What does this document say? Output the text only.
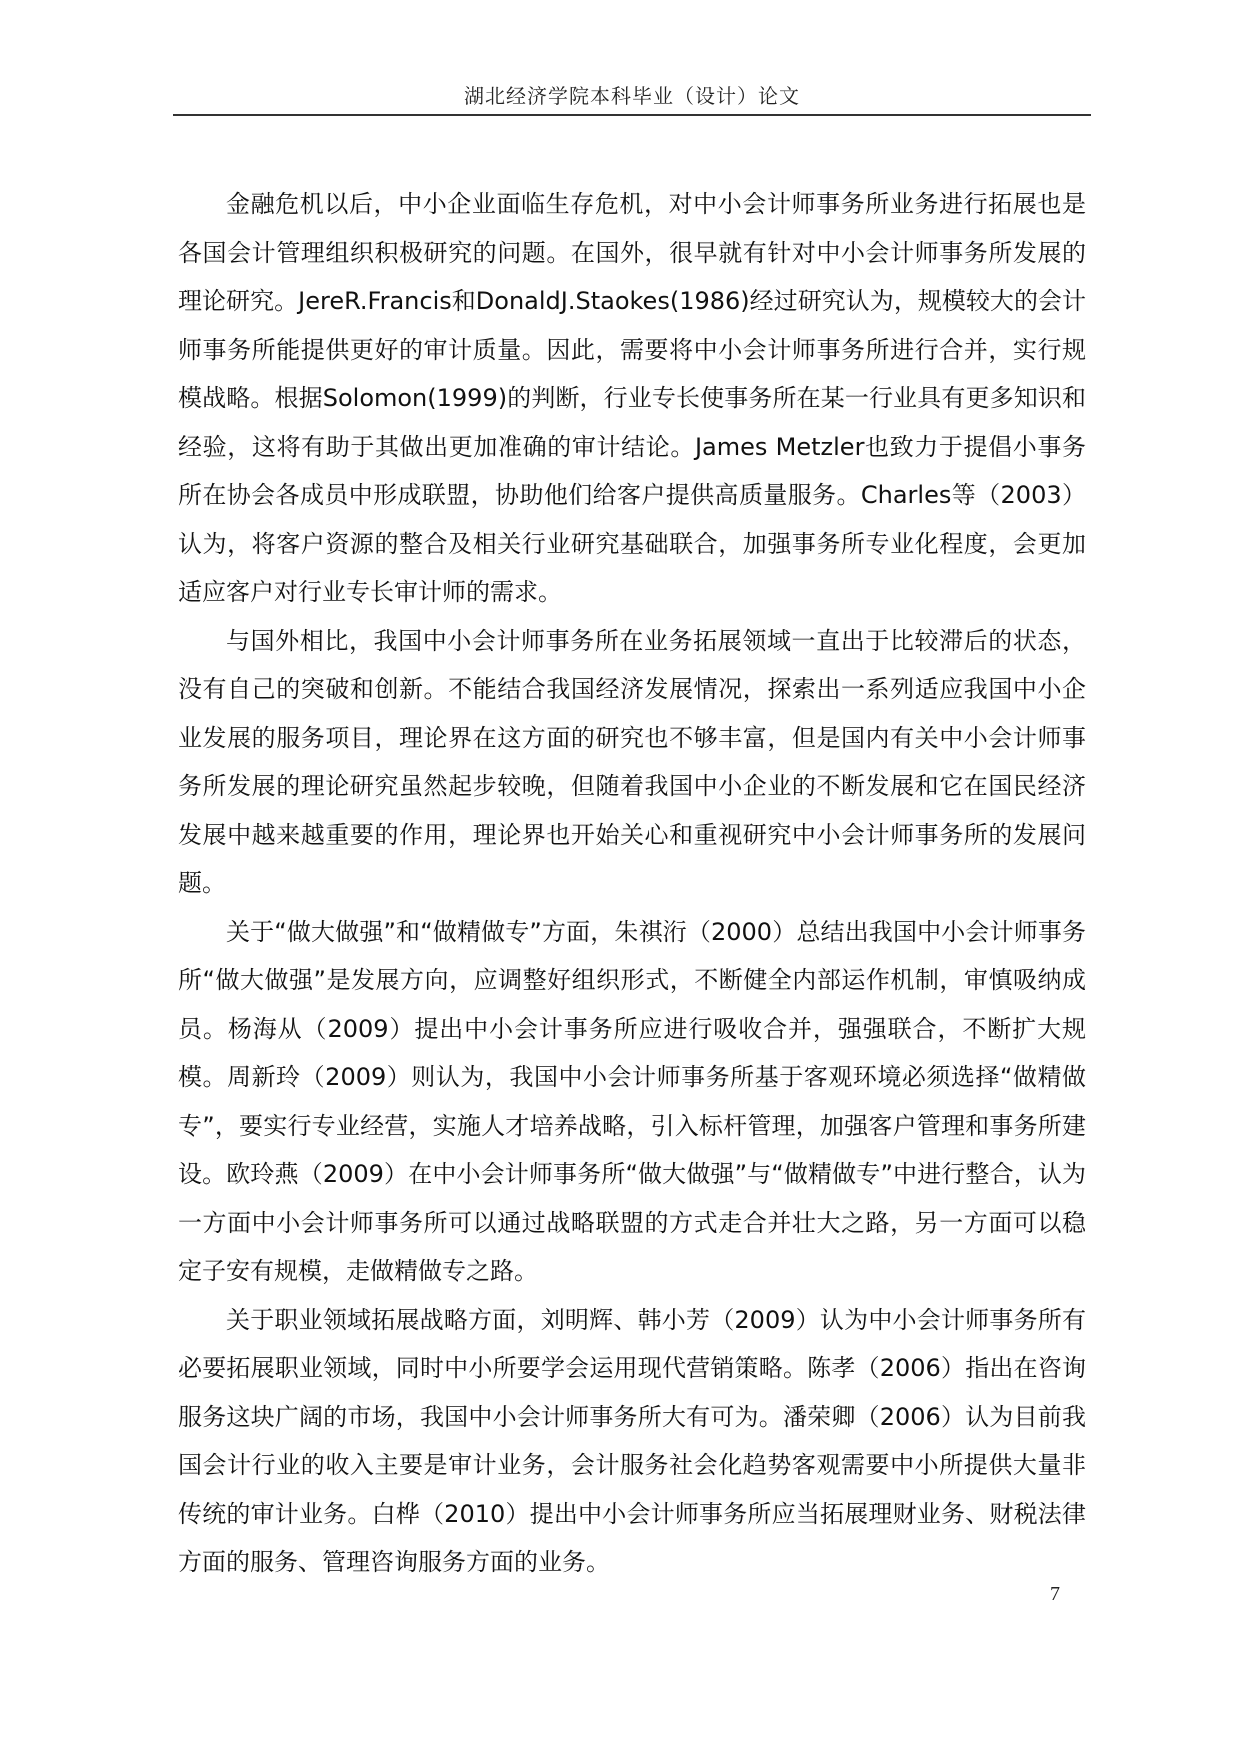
湖北经济学院本科毕业（设计）论文

金融危机以后，中小企业面临生存危机，对中小会计师事务所业务进行拓展也是各国会计管理组织积极研究的问题。在国外，很早就有针对中小会计师事务所发展的理论研究。JereR.Francis和DonaldJ.Staokes(1986)经过研究认为，规模较大的会计师事务所能提供更好的审计质量。因此，需要将中小会计师事务所进行合并，实行规模战略。根据Solomon(1999)的判断，行业专长使事务所在某一行业具有更多知识和经验，这将有助于其做出更加准确的审计结论。James Metzler也致力于提倡小事务所在协会各成员中形成联盟，协助他们给客户提供高质量服务。Charles等（2003）认为，将客户资源的整合及相关行业研究基础联合，加强事务所专业化程度，会更加适应客户对行业专长审计师的需求。

与国外相比，我国中小会计师事务所在业务拓展领域一直出于比较滞后的状态，没有自己的突破和创新。不能结合我国经济发展情况，探索出一系列适应我国中小企业发展的服务项目，理论界在这方面的研究也不够丰富，但是国内有关中小会计师事务所发展的理论研究虽然起步较晚，但随着我国中小企业的不断发展和它在国民经济发展中越来越重要的作用，理论界也开始关心和重视研究中小会计师事务所的发展问题。

关于“做大做强”和“做精做专”方面，朱祺洐（2000）总结出我国中小会计师事务所“做大做强”是发展方向，应调整好组织形式，不断健全内部运作机制，审慎吸纳成员。杨海从（2009）提出中小会计事务所应进行吸收合并，强强联合，不断扩大规模。周新玲（2009）则认为，我国中小会计师事务所基于客观环境必须选择“做精做专”，要实行专业经营，实施人才培养战略，引入标杆管理，加强客户管理和事务所建设。欧玲燕（2009）在中小会计师事务所“做大做强”与“做精做专”中进行整合，认为一方面中小会计师事务所可以通过战略联盟的方式走合并壮大之路，另一方面可以稳定子安有规模，走做精做专之路。

关于职业领域拓展战略方面，刘明辉、韩小芳（2009）认为中小会计师事务所有必要拓展职业领域，同时中小所要学会运用现代营销策略。陈孝（2006）指出在咨询服务这块广阔的市场，我国中小会计师事务所大有可为。潘荣卿（2006）认为目前我国会计行业的收入主要是审计业务，会计服务社会化趋势客观需要中小所提供大量非传统的审计业务。白桦（2010）提出中小会计师事务所应当拓展理财业务、财税法律方面的服务、管理咨询服务方面的业务。

7
